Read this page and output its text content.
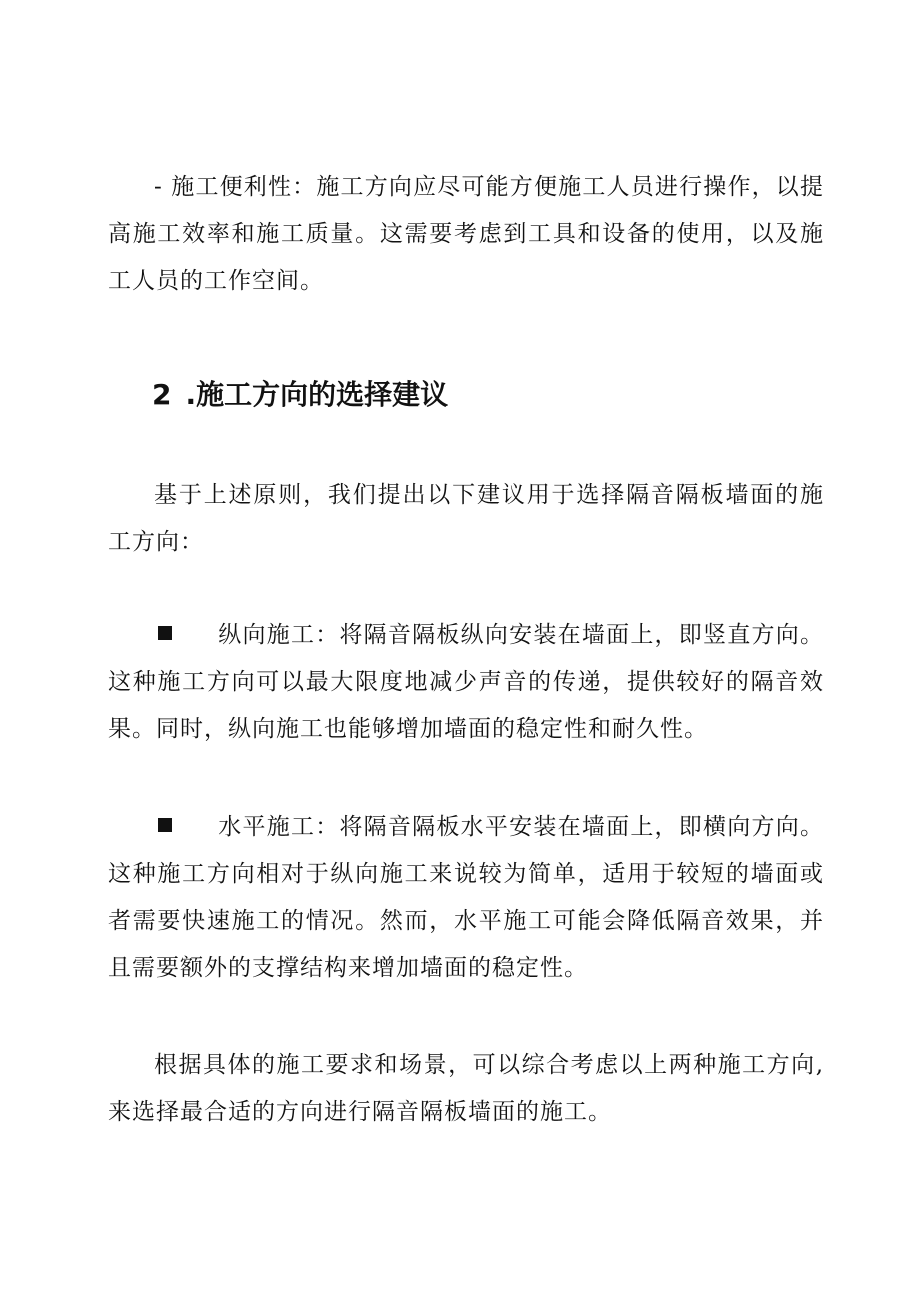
- 施工便利性：施工方向应尽可能方便施工人员进行操作，以提高施工效率和施工质量。这需要考虑到工具和设备的使用，以及施工人员的工作空间。

2 .施工方向的选择建议

基于上述原则，我们提出以下建议用于选择隔音隔板墙面的施工方向：

纵向施工：将隔音隔板纵向安装在墙面上，即竖直方向。这种施工方向可以最大限度地减少声音的传递，提供较好的隔音效果。同时，纵向施工也能够增加墙面的稳定性和耐久性。

水平施工：将隔音隔板水平安装在墙面上，即横向方向。这种施工方向相对于纵向施工来说较为简单，适用于较短的墙面或者需要快速施工的情况。然而，水平施工可能会降低隔音效果，并且需要额外的支撑结构来增加墙面的稳定性。

根据具体的施工要求和场景，可以综合考虑以上两种施工方向,来选择最合适的方向进行隔音隔板墙面的施工。
